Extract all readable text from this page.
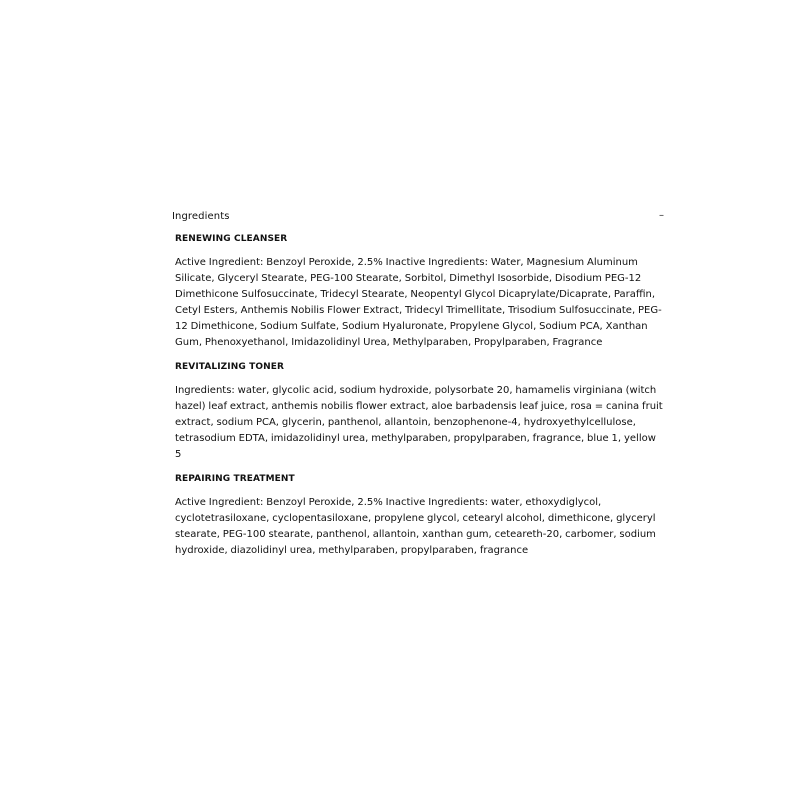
Ingredients	–
RENEWING CLEANSER

Active Ingredient: Benzoyl Peroxide, 2.5% Inactive Ingredients: Water, Magnesium Aluminum Silicate, Glyceryl Stearate, PEG-100 Stearate, Sorbitol, Dimethyl Isosorbide, Disodium PEG-12 Dimethicone Sulfosuccinate, Tridecyl Stearate, Neopentyl Glycol Dicaprylate/Dicaprate, Paraffin, Cetyl Esters, Anthemis Nobilis Flower Extract, Tridecyl Trimellitate, Trisodium Sulfosuccinate, PEG-12 Dimethicone, Sodium Sulfate, Sodium Hyaluronate, Propylene Glycol, Sodium PCA, Xanthan Gum, Phenoxyethanol, Imidazolidinyl Urea, Methylparaben, Propylparaben, Fragrance

REVITALIZING TONER

Ingredients: water, glycolic acid, sodium hydroxide, polysorbate 20, hamamelis virginiana (witch hazel) leaf extract, anthemis nobilis flower extract, aloe barbadensis leaf juice, rosa = canina fruit extract, sodium PCA, glycerin, panthenol, allantoin, benzophenone-4, hydroxyethylcellulose, tetrasodium EDTA, imidazolidinyl urea, methylparaben, propylparaben, fragrance, blue 1, yellow 5

REPAIRING TREATMENT

Active Ingredient: Benzoyl Peroxide, 2.5% Inactive Ingredients: water, ethoxydiglycol, cyclotetrasiloxane, cyclopentasiloxane, propylene glycol, cetearyl alcohol, dimethicone, glyceryl stearate, PEG-100 stearate, panthenol, allantoin, xanthan gum, ceteareth-20, carbomer, sodium hydroxide, diazolidinyl urea, methylparaben, propylparaben, fragrance
